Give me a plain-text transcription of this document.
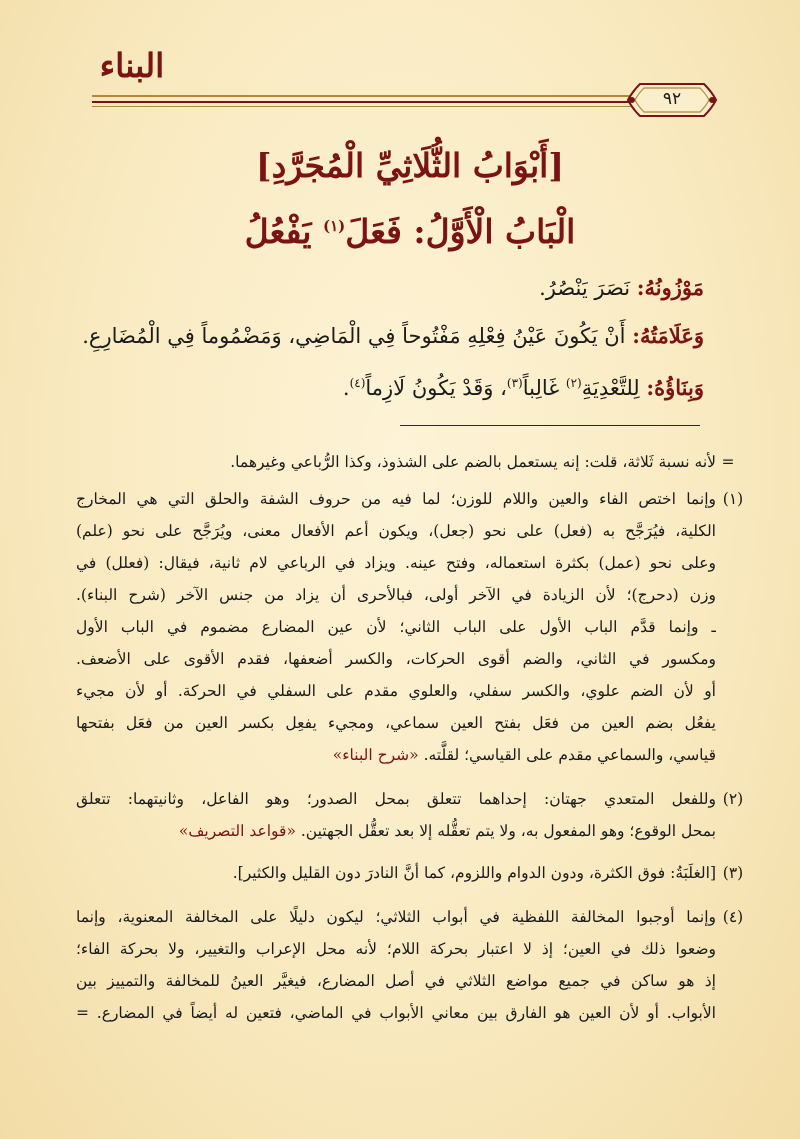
البناء
٩٢
[أَبْوَابُ الثُّلَاثِيِّ الْمُجَرَّدِ]
الْبَابُ الْأَوَّلُ: فَعَلَ$^{(١)}$ يَفْعُلُ
مَوْزُونُهُ: نَصَرَ يَنْصُرُ.
وَعَلَامَتُهُ: أَنْ يَكُونَ عَيْنُ فِعْلِهِ مَفْتُوحاً فِي الْمَاضِي، وَمَضْمُوماً فِي الْمُضَارِعِ.
وَبِنَاؤُهُ: لِلتَّعْدِيَةِ$^{(٢)}$ غَالِباً$^{(٣)}$، وَقَدْ يَكُونُ لَازِماً$^{(٤)}$.
=
لأنه نسبة ثَلاثة، قلت: إنه يستعمل بالضم على الشذوذ، وكذا الرُّباعي وغيرهما.
(١)
وإنما اختص الفاء والعين واللام للوزن؛ لما فيه من حروف الشفة والحلق التي هي المخارج
الكلية، فيُرَجَّح به (فعل) على نحو (جعل)، ويكون أعم الأفعال معنى، ويُرَجَّح على نحو (علم)
وعلى نحو (عمل) بكثرة استعماله، وفتح عينه. ويزاد في الرباعي لام ثانية، فيقال: (فعلل) في
وزن (دحرج)؛ لأن الزيادة في الآخر أولى، فبالأحرى أن يزاد من جنس الآخر (شرح البناء).
ـ وإنما قدَّم الباب الأول على الباب الثاني؛ لأن عين المضارع مضموم في الباب الأول
ومكسور في الثاني، والضم أقوى الحركات، والكسر أضعفها، فقدم الأقوى على الأضعف.
أو لأن الضم علوي، والكسر سفلي، والعلوي مقدم على السفلي في الحركة. أو لأن مجيء
يفعُل بضم العين من فعَل بفتح العين سماعي، ومجيء يفعِل بكسر العين من فعَل بفتحها
قياسي، والسماعي مقدم على القياسي؛ لقلَّته. «شرح البناء»
(٢)
وللفعل المتعدي جهتان: إحداهما تتعلق بمحل الصدور؛ وهو الفاعل، وثانيتهما: تتعلق
بمحل الوقوع؛ وهو المفعول به، ولا يتم تعقُّله إلا بعد تعقُّل الجهتين. «قواعد التصريف»
(٣)
[الغلَبَةُ: فوق الكثرة، ودون الدوام واللزوم، كما أنَّ النادرَ دون القليل والكثير].
(٤)
وإنما أوجبوا المخالفة اللفظية في أبواب الثلاثي؛ ليكون دليلًا على المخالفة المعنوية، وإنما
وضعوا ذلك في العين؛ إذ لا اعتبار بحركة اللام؛ لأنه محل الإعراب والتغيير، ولا بحركة الفاء؛
إذ هو ساكن في جميع مواضع الثلاثي في أصل المضارع، فيغيَّر العينُ للمخالفة والتمييز بين
الأبواب. أو لأن العين هو الفارق بين معاني الأبواب في الماضي، فتعين له أيضاً في المضارع. =
